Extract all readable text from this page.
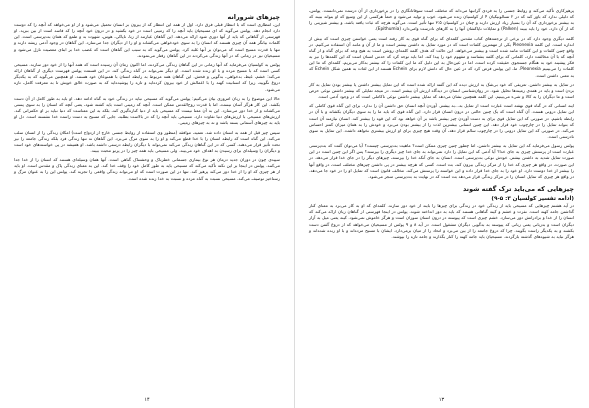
چیزهای شرورانه

این، انتظاری است که با انتظار قبلی فرق دارد. اول از همه این انتظار که از بیرون بر انسان تحمیل می‌شود و از او می‌خواهد که آنچه را که دوست دارد انجام دهد. پولس می‌گوید که ای مسیحیان باید آنچه را که زمینی است در خود بکشید و در درون خود آنچه را که فاسد است از بین ببرید. او فهرستی از گناهانی که باید از آنها دوری شود ارائه می‌دهد. این گناهان عبارتند از زنا، ناپاکی، هوس، شهوت بد و طمع که همان بت‌پرستی است. این کلمات بیانگر همه آن چیزی هستند که انسان را به سوی خودخواهی می‌کشاند و او را از دیگران جدا می‌سازد. این گناهان در وجود آدمی ریشه دارند و تنها با قدرت مسیح است که می‌توان بر آنها غلبه کرد. پولس می‌گوید که به سبب این گناهان است که غضب خدا بر ابنای معصیت نازل می‌شود و مسیحیان نیز در زمانی که در آنها زندگی می‌کردند در این گناهان رفتار می‌نمودند.

پولس به کولسیان می‌فرماید که آنها زمانی در این گناهان زندگی می‌کردند، اما اکنون زمان آن رسیده است که همه آنها را از خود دور سازند. مسیحی کسی است که با مسیح مرده و با او زنده شده است. او دیگر نمی‌تواند در گناه زندگی کند. در این قسمت پولس فهرست دیگری از گناهان ارائه می‌کند: خشم، غیظ، بدخواهی، بدگویی و فحش. این گناهان همه مربوط به رابطه انسان با همنوعان خود هستند. او همچنین می‌گوید که به یکدیگر دروغ نگویید، زیرا که انسانیت کهنه را با اعمالش از خود بیرون کرده‌اید و تازه را پوشیده‌اید که به صورت خالق خویش تا به معرفت کامل، تازه می‌شود.

حالا این موضوع را به زبان امروزی بیان می‌کنیم: پولس می‌گوید که مسیحی نباید در زندگی خود به گناه ادامه دهد. او باید به طور کامل از آن دست بکشد. این کار هرگز آسان نیست، اما با قدرت روح‌القدس ممکن است. آنچه که زمینی است باید کشته شود، یعنی آنچه که انسان را به سوی پستی می‌کشاند و از خدا دور می‌سازد. این به آن معنا نیست که مسیحی باید از دنیا کناره‌گیری کند، بلکه به این معناست که دنیا نباید بر او حکمرانی کند. ارزش‌های مسیحی با ارزش‌های دنیا تفاوت دارد. مسیحی باید آنچه را که در بالاست بطلبد، جایی که مسیح به دست راست خدا نشسته است. دل او باید به چیزهای آسمانی بسته باشد و نه به چیزهای زمینی.

سپس چیز قبل از همه به انسان داده شد. تعمید، موافقه (منظور وی استفاده از روابط جنسی خارج از ازدواج است) امکان زندگی را از انسان سلب می‌کند. این گناه است که رابطه انسان را با خدا قطع می‌کند و او را به سوی مرگ می‌برد. این گناهان نه تنها زندگی فرد بلکه زندگی جامعه را نیز تحت تأثیر قرار می‌دهند. کسی که در این گناهان زندگی می‌کند نمی‌تواند با دیگران رابطه درستی داشته باشد. او همیشه در پی خواسته‌های خود است و دیگران را وسیله‌ای برای رسیدن به اهداف خود می‌بیند. ولی مسیحی باید همه چیز را در پرتو محبت ببیند.

سپیدی چون در دوران جدید درمان هر نوع بیماری جسمانی خطرناک و وحشتناک گناهی است. آنها همان وسیله‌ای هستند که انسان را از خدا جدا می‌کنند. پولس در اینجا بر این نکته تأکید می‌کند که مسیحی باید به طور کامل خود را وقف خدا کند. این به معنای زندگی پاک و مقدس است. او باید از هر چیزی که او را از خدا دور می‌کند پرهیز کند. تنها در این صورت است که او می‌تواند زندگی واقعی را تجربه کند. پولس این را به عنوان مرگ و رستاخیز توصیف می‌کند. مسیحی نسبت به گناه مرده و نسبت به خدا زنده شده است.

۱۴

پرهیزکاری تأکید می‌کند و روابط جنسی را به فردی گرانبها می‌داند که مختلف است سوفاتانگاری را در برخورداری از آن درست نمی‌دانست. پولس، که دلیلی ندارد که باور کند که در ۲ تسالونیکیان ۴ از کولسیان زنده می‌شود، خوب و تولید می‌شود و حتماً هرکسی از این وسیع که او بتواند ببیند که به بیشتر برخورداری که آن را بسیار زیاد ارزش دارند و چنان در کولسیان ۳:۵ تنها تأثیر است. می‌گوید هرچه که ثبات یافته باشد، و بیشتر شیرینی را که از آن دارد، خود را باید ببیند (Palken) و تمایلات ناپاکشان آنها را به کارهای نادرست وامی‌دارد (Epithumia).

کلمه دیگری وجود دارد که در برخی از ترجمه‌های کتاب مقدس کلمه‌ای که برای گناه قوی به کار رفته است یعنی خواستن چیزی است که بیش از اندازه است. این کلمه Pleonexia یکی از مهمترین کلمات است که در مورد تمایل به داشتن بیشتر است و ما از آن و مانند آن استفاده می‌کنیم. در واقع چنین کلمات و این کلمات مانند شده است و بیشتر می‌خواهد. این حالت که هدف کلمه کلمه‌ای روشن است به هیچ وجه که برای گناه و از گناه آنچه که با آن مخالفت دارد، کلماتی که برای کلمه بشناسد و مفهوم خود را پیدا کند. اما باید توجه کرد که حدس انسان است که این کلمه‌ها را نیز به فکر پیشینه خود به هنگام جستجوی حقیقت کرده است، اما در عین‌حال به این دلیل که ما این کلمات را که بیشتر به‌کار می‌بریم، کلمه‌ای که ما این کلمات را می‌بینیم Pleonexia. ما، این پولس فرض کرد که در عین حال که دانش لازم برای Echein هستند از این لغات به همین شکل Echein که به معنی داشتن است.

در تمایل به بیشتر داشتن. تعریفی که خود بی‌شک به ارزش دیده که این گفته ارائه شده است که این تمایل بیشتر داشتن یا بیشتر بودن تمایل به کار بردن است و باید در همه‌ی زمینه‌ها تحلیل شود. در روان‌شناسی انسان در دیدگاه ارزش آن بیشتر است. در نتیجه تمایلی که بیشتر داشتن نوعی حرص است و ما دیگران را به کالا و شیء می‌بینیم. این کلمه همچنین نشان می‌دهد که تمایل بیشتر داشتن نوعی ناکاملی است که در وجود آدمی است.

اینه انسانی که در گناه قوی نهفته است عبارت است از تمایل به…به بیشتر. آوردن آنچه انسان حق داشتن آن را ندارد. برای این گناه قوی کاملی که این تمایل درونی هست. آن گناه است که یک چنین حالتی در درون انسان قرار دارد. این گناه قوی که باید ما را به سوی دیگران بکشاند و با آن در رابطه باشیم. در صورتی که این تمایل قوی برای به دست آوردن چیز بیشتر باشد بر آن خواهد بود که این قوه را بیشتر کند. انسان نیازمند آن است که بتواند تمایل را در چارچوب خود قرار دهد. این چنین انسانی بیشترین لذت را از بیشتر بودن می‌برد و خودش را به همان میزان کمتر احساس می‌کند. در صورتی که این تمایل درونی را در چارچوب سالم قرار دهد، آن وقت هیچ چیزی برای او ارزش بیشتری نخواهد داشت. این تمایل به سوی نادرستی است.

پولس رسول می‌فرماید که این تمایل به بیشتر داشتن، اما چطور چنین چیزی ممکن است؟ ماهیت بت‌پرستی چیست؟ آیا می‌توان گفت که بت‌پرستی عبارت است از پرستش چیزی به جای خدا؟ آیا آدمی که این تمایل را دارد نمی‌تواند به جای خدا چیز دیگری را بپرستد؟ پس اگر این چنین است در این صورت تمایل شدید به داشتن بیشتر، خودش نوعی بت‌پرستی است. انسان به جای آنکه خدا را بپرستد، چیزهای دیگر را در جای خدا قرار می‌دهد. در این صورت، در واقع هر چیزی که خدا را از مرکز زندگی بیرون کند، بت است. کسی که هرچه بیشتر در پی داشتن چیزهای مختلف است، در واقع آنها را بیشتر از خدا دوست دارد. او خود را به جای خدا قرار داده و این خواسته را پرستش می‌کند. مخالف قانون است که تمایل او را در خود جا می‌دهد. در واقع هر چیزی که تمایل انسان را در مرکز زندگی قرار می‌دهد بت است که در نهایت به بت‌پرستی منجر می‌شود.

چیزهایی که می‌باید ترک گفته شوند
(ادامه تفسیر کولسیان ۳: ۵-۹)

در آیه هشتم چیزهایی که مسیحی باید از زندگی خود در زندگی برای چیزها را بایند از خود دور سازند. کلمه‌ای که او به کار می‌برد به معنای کنار گذاشتن جامه کهنه است. نفرت و خشم و کینه گناهانی هستند که باید به دور انداخته شوند. پولس در اینجا فهرستی از گناهان زبان ارائه می‌کند که انسان را از خدا و برادرانش دور می‌سازد. خشم چیزی است که پیوسته در درون انسان سوزان است و هرگز خاموش نمی‌شود. کینه یعنی میل به آزار دیگران است و بدزبانی یعنی زبانی که پیوسته به بدگویی دیگران مشغول است. در آیه ۸ و ۹ پولس از مسیحیان می‌خواهد که از دروغ گفتن دست بکشند و به یکدیگر راست بگویند. چرا که دروغ جامعه را از بین می‌برد و اتحاد را از میان برمی‌دارد. ایشان با مسیح مرده‌اند و با او زنده شده‌اند و هرگز نباید به شیوه‌های گذشته بازگردند. مسیحیان باید جامه کهنه را کنار بگذارند و جامه تازه را بپوشند.

۱۳
